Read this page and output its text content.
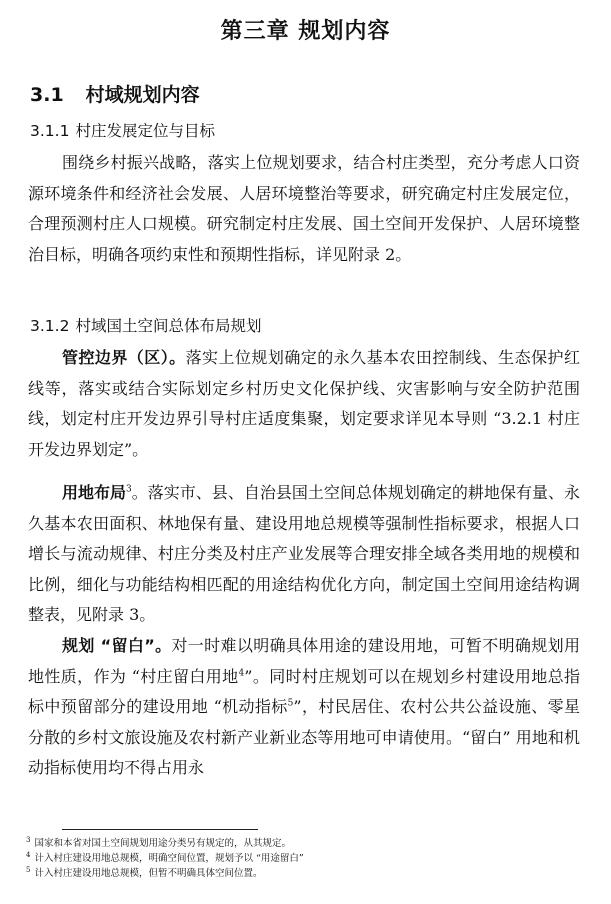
第三章 规划内容
3.1 村域规划内容
3.1.1 村庄发展定位与目标
围绕乡村振兴战略，落实上位规划要求，结合村庄类型，充分考虑人口资源环境条件和经济社会发展、人居环境整治等要求，研究确定村庄发展定位，合理预测村庄人口规模。研究制定村庄发展、国土空间开发保护、人居环境整治目标，明确各项约束性和预期性指标，详见附录 2。
3.1.2 村域国土空间总体布局规划
管控边界（区）。落实上位规划确定的永久基本农田控制线、生态保护红线等，落实或结合实际划定乡村历史文化保护线、灾害影响与安全防护范围线，划定村庄开发边界引导村庄适度集聚，划定要求详见本导则 “3.2.1 村庄开发边界划定”。
用地布局$^3$。落实市、县、自治县国土空间总体规划确定的耕地保有量、永久基本农田面积、林地保有量、建设用地总规模等强制性指标要求，根据人口增长与流动规律、村庄分类及村庄产业发展等合理安排全域各类用地的规模和比例，细化与功能结构相匹配的用途结构优化方向，制定国土空间用途结构调整表，见附录 3。
规划 “留白”。对一时难以明确具体用途的建设用地，可暂不明确规划用地性质，作为 “村庄留白用地$^4$”。同时村庄规划可以在规划乡村建设用地总指标中预留部分的建设用地 “机动指标$^5$”，村民居住、农村公共公益设施、零星分散的乡村文旅设施及农村新产业新业态等用地可申请使用。“留白” 用地和机动指标使用均不得占用永
$^3$ 国家和本省对国土空间规划用途分类另有规定的，从其规定。
$^4$ 计入村庄建设用地总规模，明确空间位置，规划予以 “用途留白”
$^5$ 计入村庄建设用地总规模，但暂不明确具体空间位置。
